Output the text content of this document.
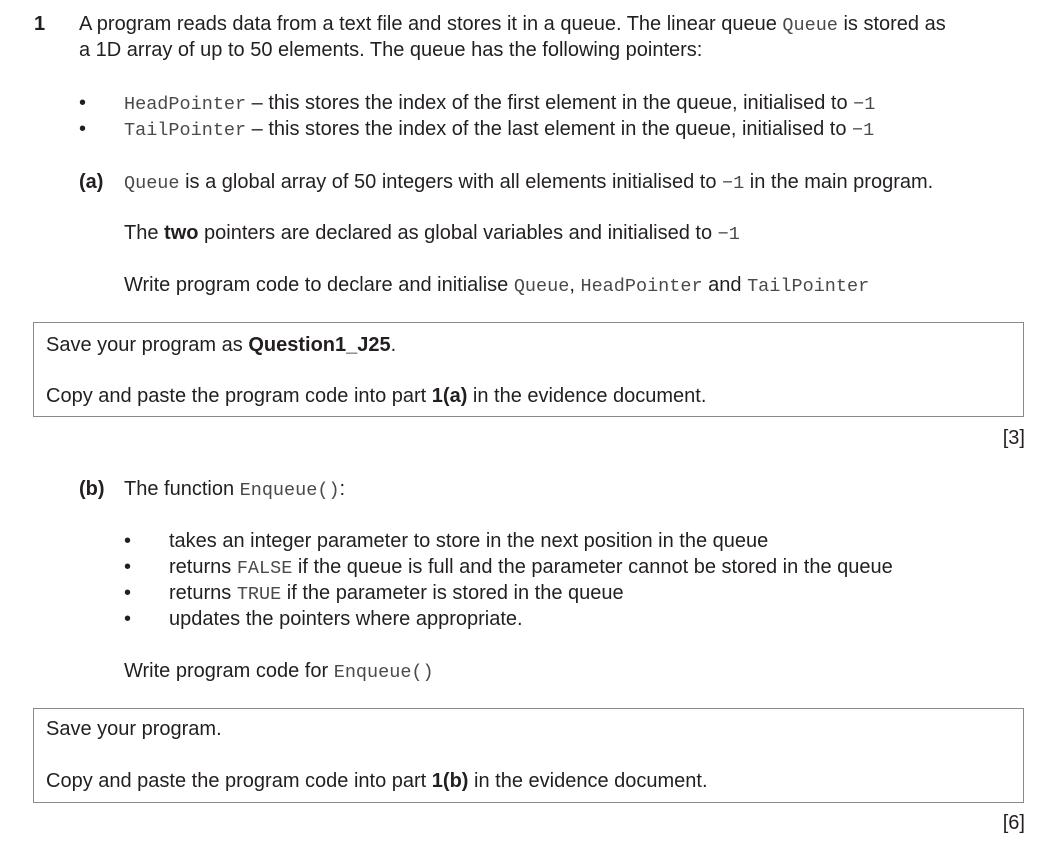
1 A program reads data from a text file and stores it in a queue. The linear queue Queue is stored as
a 1D array of up to 50 elements. The queue has the following pointers:
• HeadPointer – this stores the index of the first element in the queue, initialised to −1
• TailPointer – this stores the index of the last element in the queue, initialised to −1
(a) Queue is a global array of 50 integers with all elements initialised to −1 in the main program.
The two pointers are declared as global variables and initialised to −1
Write program code to declare and initialise Queue, HeadPointer and TailPointer
Save your program as Question1_J25.
Copy and paste the program code into part 1(a) in the evidence document.
[3]
(b) The function Enqueue():
• takes an integer parameter to store in the next position in the queue
• returns FALSE if the queue is full and the parameter cannot be stored in the queue
• returns TRUE if the parameter is stored in the queue
• updates the pointers where appropriate.
Write program code for Enqueue()
Save your program.
Copy and paste the program code into part 1(b) in the evidence document.
[6]
